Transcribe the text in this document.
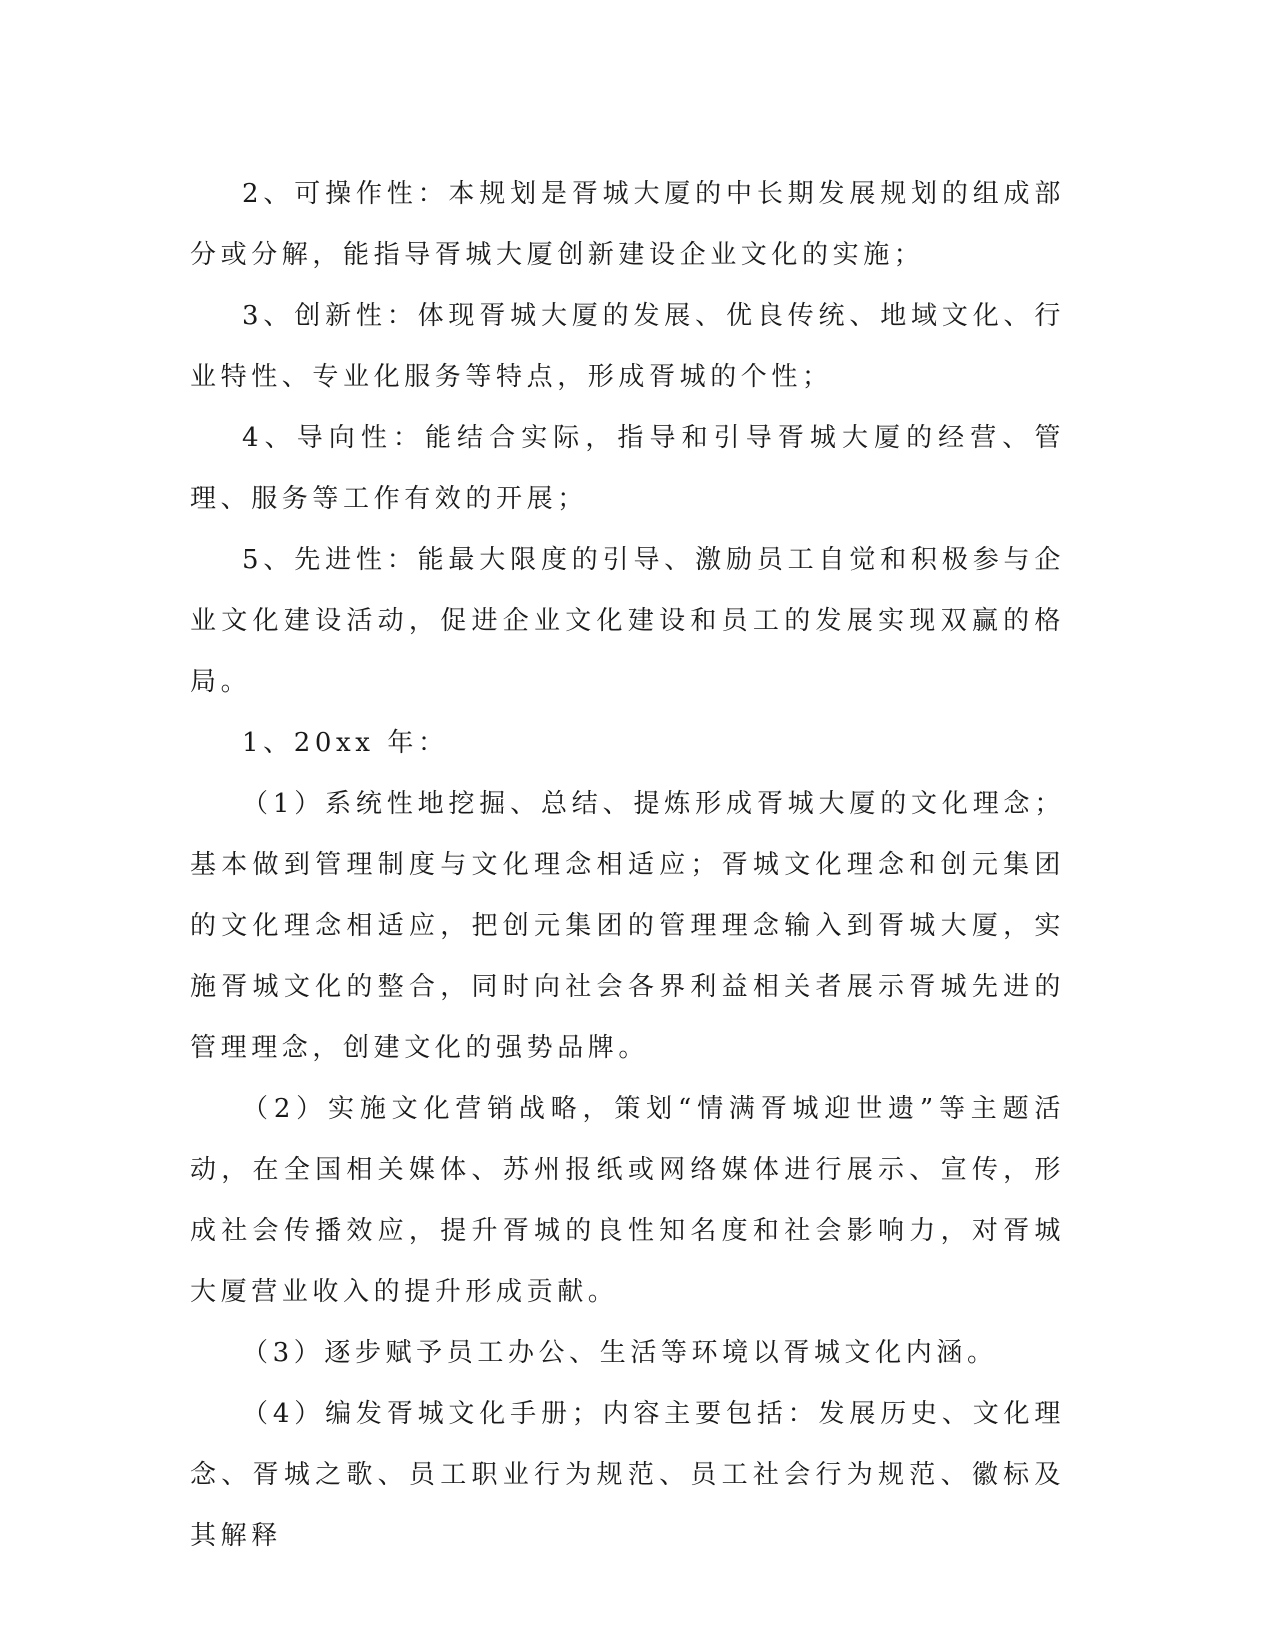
2、可操作性：本规划是胥城大厦的中长期发展规划的组成部分或分解，能指导胥城大厦创新建设企业文化的实施；

3、创新性：体现胥城大厦的发展、优良传统、地域文化、行业特性、专业化服务等特点，形成胥城的个性；

4、导向性：能结合实际，指导和引导胥城大厦的经营、管理、服务等工作有效的开展；

5、先进性：能最大限度的引导、激励员工自觉和积极参与企业文化建设活动，促进企业文化建设和员工的发展实现双赢的格局。

1、20xx 年：

（1）系统性地挖掘、总结、提炼形成胥城大厦的文化理念；基本做到管理制度与文化理念相适应；胥城文化理念和创元集团的文化理念相适应，把创元集团的管理理念输入到胥城大厦，实施胥城文化的整合，同时向社会各界利益相关者展示胥城先进的管理理念，创建文化的强势品牌。

（2）实施文化营销战略，策划“情满胥城迎世遗”等主题活动，在全国相关媒体、苏州报纸或网络媒体进行展示、宣传，形成社会传播效应，提升胥城的良性知名度和社会影响力，对胥城大厦营业收入的提升形成贡献。

（3）逐步赋予员工办公、生活等环境以胥城文化内涵。

（4）编发胥城文化手册；内容主要包括：发展历史、文化理念、胥城之歌、员工职业行为规范、员工社会行为规范、徽标及其解释
